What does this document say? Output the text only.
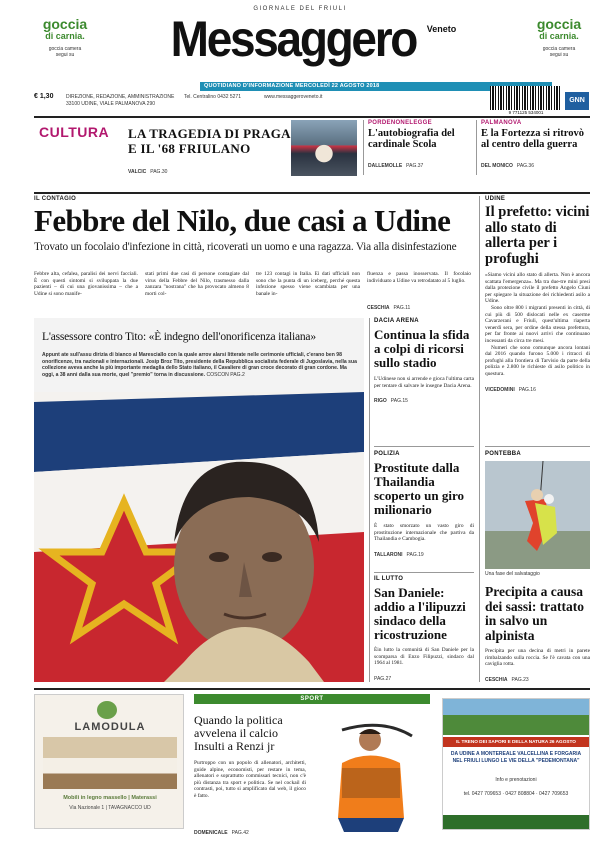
goccia
di carnia.
goccia camera
segui su
goccia
di carnia.
goccia camera
segui su
GIORNALE DEL FRIULI
Messaggero Veneto
QUOTIDIANO D'INFORMAZIONE MERCOLEDÌ 22 AGOSTO 2018
€ 1,30	DIREZIONE, REDAZIONE, AMMINISTRAZIONE
33100 UDINE, VIALE PALMANOVA 290
Tel. Centralino 0432 5271	www.messaggeroveneto.it
9 771125 534001
GNN
CULTURA LA TRAGEDIA DI PRAGA
E IL '68 FRIULANO
VALCIC PAG.30
PORDENONELEGGE
L'autobiografia del cardinale Scola
DALLEMOLLE PAG.37
PALMANOVA
E la Fortezza si ritrovò al centro della guerra
DEL MONICO PAG.36
IL CONTAGIO
Febbre del Nilo, due casi a Udine
Trovato un focolaio d'infezione in città, ricoverati un uomo e una ragazza. Via alla disinfestazione
Febbre alta, cefalea, paralisi dei nervi facciali. È con questi sintomi si sviluppata la due pazienti – di cui una giovanissima – che a Udine si sono manife-
stati primi due casi di persone contagiate dal virus della Febbre del Nilo, trasmesso dalla zanzara "nostrana" che ha provocato almeno 8 morti col-
tre 123 contagi in Italia. Ei dati ufficiali non sono che la punta di un iceberg, perché questa infezione spesso viene scambiata per una banale in-
fluenza e passa inosservata. Il focolaio individuato a Udine va retrodatato al 5 luglio.
CESCHIA PAG.11
L'assessore contro Tito: «È indegno dell'onorificenza italiana»
Appunt ate sull'assu dirizia di bianco al Maresciallo con la quale arrov alarsi litterate nelle cerimonie ufficiali, c'erano ben 98 onorificenze, tra nazionali e internazionali. Josip Broz Tito, presidente della Repubblica socialista federale di Jugoslavia, nella sua collezione aveva anche la più importante medaglia dello Stato italiano, il Cavaliere di gran croce decorato di gran cordone. Ma oggi, a 38 anni dalla sua morte, quel "premio" torna in discussione. COSCON PAG.2
DACIA ARENA
Continua la sfida a colpi di ricorsi sullo stadio
L'Udinese non si arrende e gioca l'ultima carta per tentare di salvare le insegne Dacia Arena.
RIGO PAG.15
POLIZIA
Prostitute dalla Thailandia scoperto un giro milionario
È stato smorzato un vasto giro di prostituzione internazionale che partiva da Thailandia e Cambogia.
TALLARONI PAG.19
IL LUTTO
San Daniele: addio a l'ilipuzzi sindaco della ricostruzione
Èin lutto la comunità di San Daniele per la scomparsa di Enzo Filipuzzi, sindaco dal 1964 al 1981.
PAG.27
UDINE
Il prefetto: vicini allo stato di allerta per i profughi
«Siamo vicini allo stato di allerta. Non è ancora scattata l'emergenza». Ma tra due-tre mini presi dalla protezione civile il prefetto Angelo Ciuni per spiegare la situazione dei richiedenti asilo a Udine.
Sono oltre 800 i migranti presenti in città, di cui più di 500 dislocati nelle ex caserme Cavarzerani e Friuli, quest'ultima riaperta venerdì sera, per ordine della stessa prefettura, per far fronte ai nuovi arrivi che continuano incessanti da circa tre mesi.
Numeri che sono comunque ancora lontani dal 2016 quando furono 5.000 i ritracci di profughi alla frontiera di Tarvisio da parte della polizia e 2.800 le richieste di asilo politico in questura.
VICEDOMINI PAG.16
PONTEBBA
Una fase del salvataggio
Precipita a causa dei sassi: trattato in salvo un alpinista
Precipita per una decina di metri in parete rimbalzando sulla roccia. Se l'è cavata con una caviglia rotta.
CESCHIA PAG.23
LAMODULA
Mobili in legno massello | Materassi
Via Nazionale 1 | TAVAGNACCO UD
SPORT
Quando la politica avvelena il calcio Insulti a Renzi jr
Purtroppo con un popolo di allenatori, architetti, guide alpine, economisti, per restare in tema, allenatori e soprattutto commissari tecnici, non c'è più distanza tra sport e politica. Se nel cockail di contrasti, poi, tutto si amplificato dal web, il gioco è fatto.
DOMENICALE PAG.42
IL TRENO DEI SAPORI E DELLA NATURA 26 AGOSTO
DA UDINE A MONTEREALE VALCELLINA E FORGARIA
NEL FRIULI LUNGO LE VIE DELLA "PEDEMONTANA"
Info e prenotazioni
tel. 0427 709653 · 0427 808804 · 0427 709653
